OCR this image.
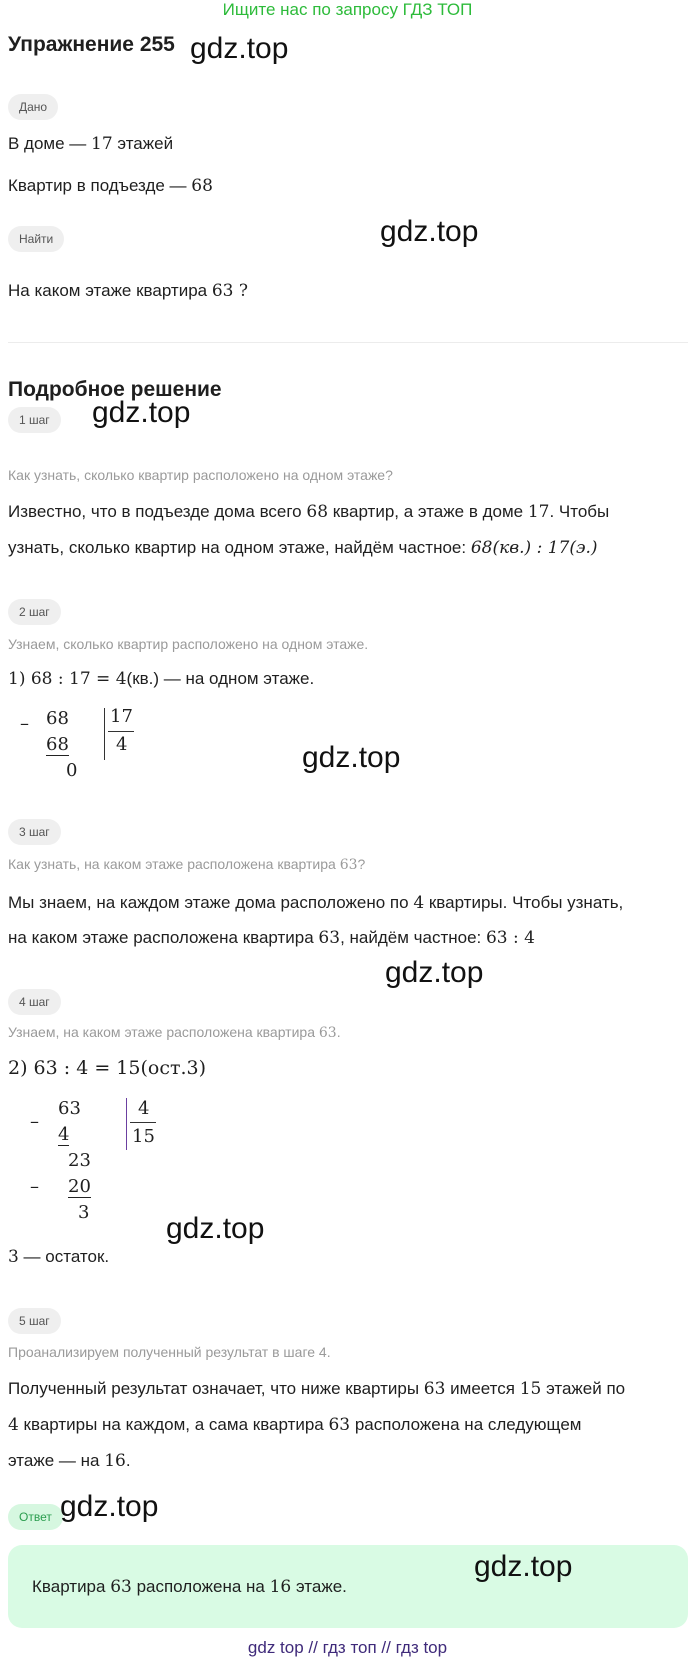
Ищите нас по запросу ГДЗ ТОП
Упражнение 255 gdz.top
Дано
В доме — 17 этажей
Квартир в подъезде — 68
Найти	gdz.top
На каком этаже квартира 63 ?
Подробное решение
1 шаг	gdz.top
Как узнать, сколько квартир расположено на одном этаже?
Известно, что в подъезде дома всего 68 квартир, а этаже в доме 17. Чтобы
узнать, сколько квартир на одном этаже, найдём частное: 68(кв.) : 17(э.)
2 шаг
Узнаем, сколько квартир расположено на одном этаже.
1) 68 : 17 = 4(кв.) — на одном этаже.
– 68
68
0
17
4	gdz.top
3 шаг
Как узнать, на каком этаже расположена квартира 63?
Мы знаем, на каждом этаже дома расположено по 4 квартиры. Чтобы узнать,
на каком этаже расположена квартира 63, найдём частное: 63 : 4
gdz.top
4 шаг
Узнаем, на каком этаже расположена квартира 63.
2) 63 : 4 = 15(ост.3)
–
63
4
23
– 20
3
4
15
gdz.top
3 — остаток.
5 шаг
Проанализируем полученный результат в шаге 4.
Полученный результат означает, что ниже квартиры 63 имеется 15 этажей по
4 квартиры на каждом, а сама квартира 63 расположена на следующем
этаже — на 16.
Ответ gdz.top
Квартира 63 расположена на 16 этаже.
gdz.top
gdz top // гдз топ // гдз top
